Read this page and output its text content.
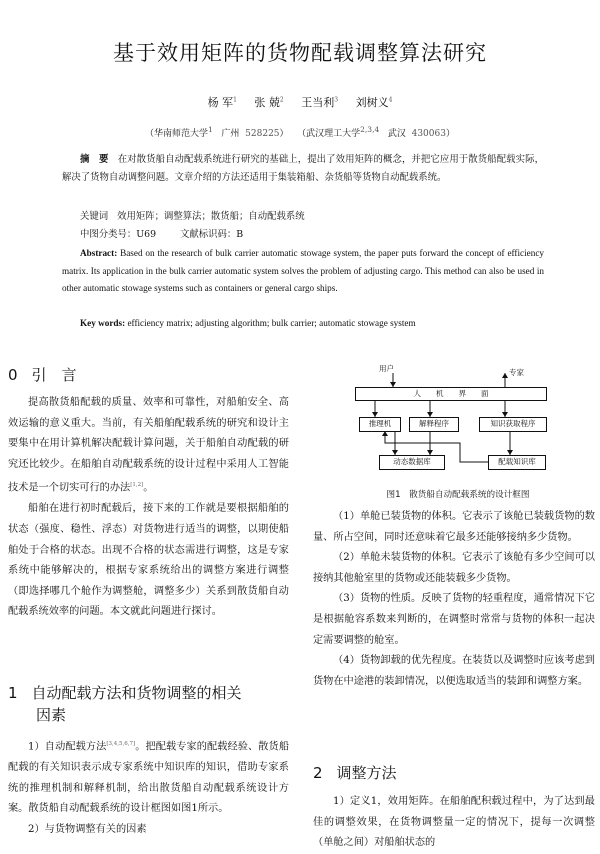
基于效用矩阵的货物配载调整算法研究
杨 军$^1$ 张 兢$^2$ 王当利$^3$ 刘树义$^4$
（华南师范大学$^1$ 广州 528225） （武汉理工大学$^{2,3,4}$ 武汉 430063）
摘　要 在对散货船自动配载系统进行研究的基础上，提出了效用矩阵的概念，并把它应用于散货船配载实际，解决了货物自动调整问题。文章介绍的方法还适用于集装箱船、杂货船等货物自动配载系统。
关键词 效用矩阵；调整算法；散货船；自动配载系统
中图分类号：U69	文献标识码：B
Abstract: Based on the research of bulk carrier automatic stowage system, the paper puts forward the concept of efficiency matrix. Its application in the bulk carrier automatic system solves the problem of adjusting cargo. This method can also be used in other automatic stowage systems such as containers or general cargo ships.
Key words: efficiency matrix; adjusting algorithm; bulk carrier; automatic stowage system
0 引　言

提高散货船配载的质量、效率和可靠性，对船舶安全、高效运输的意义重大。当前，有关船舶配载系统的研究和设计主要集中在用计算机解决配载计算问题，关于船舶自动配载的研究还比较少。在船舶自动配载系统的设计过程中采用人工智能技术是一个切实可行的办法[1,2]。

船舶在进行初时配载后，接下来的工作就是要根据船舶的状态（强度、稳性、浮态）对货物进行适当的调整，以期使船舶处于合格的状态。出现不合格的状态需进行调整，这是专家系统中能够解决的，根据专家系统给出的调整方案进行调整（即选择哪几个舱作为调整舱，调整多少）关系到散货船自动配载系统效率的问题。本文就此问题进行探讨。

1 自动配载方法和货物调整的相关
因素

1）自动配载方法[3,4,5,6,7]。把配载专家的配载经验、散货船配载的有关知识表示成专家系统中知识库的知识，借助专家系统的推理机制和解释机制，给出散货船自动配载系统设计方案。散货船自动配载系统的设计框图如图1所示。

2）与货物调整有关的因素

用户	专家
人　　机　　界　　面
推理机	解释程序	知识获取程序
动态数据库	配载知识库
图1　散货船自动配载系统的设计框图

（1）单舱已装货物的体积。它表示了该舱已装载货物的数量、所占空间，同时还意味着它最多还能够接纳多少货物。

（2）单舱未装货物的体积。它表示了该舱有多少空间可以接纳其他舱室里的货物或还能装载多少货物。

（3）货物的性质。反映了货物的轻重程度，通常情况下它是根据舱容系数来判断的，在调整时常常与货物的体积一起决定需要调整的舱室。

（4）货物卸载的优先程度。在装货以及调整时应该考虑到货物在中途港的装卸情况，以便选取适当的装卸和调整方案。

2 调整方法

1）定义1，效用矩阵。在船舶配积载过程中，为了达到最佳的调整效果，在货物调整量一定的情况下，提每一次调整（单舱之间）对船舶状态的
